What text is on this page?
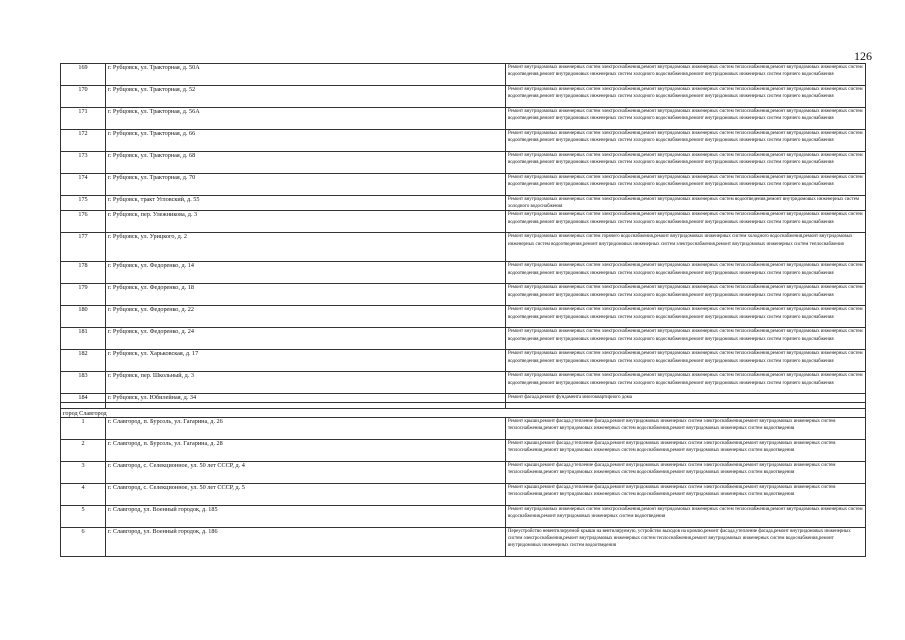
126
169	г. Рубцовск, ул. Тракторная, д. 50А	Ремонт внутридомовых инженерных систем электроснабжения,ремонт внутридомовых инженерных систем теплоснабжения,ремонт внутридомовых инженерных систем водоотведения,ремонт внутридомовых инженерных систем холодного водоснабжения,ремонт внутридомовых инженерных систем горячего водоснабжения
170	г. Рубцовск, ул. Тракторная, д. 52	Ремонт внутридомовых инженерных систем электроснабжения,ремонт внутридомовых инженерных систем теплоснабжения,ремонт внутридомовых инженерных систем водоотведения,ремонт внутридомовых инженерных систем холодного водоснабжения,ремонт внутридомовых инженерных систем горячего водоснабжения
171	г. Рубцовск, ул. Тракторная, д. 56А	Ремонт внутридомовых инженерных систем электроснабжения,ремонт внутридомовых инженерных систем теплоснабжения,ремонт внутридомовых инженерных систем водоотведения,ремонт внутридомовых инженерных систем холодного водоснабжения,ремонт внутридомовых инженерных систем горячего водоснабжения
172	г. Рубцовск, ул. Тракторная, д. 66	Ремонт внутридомовых инженерных систем электроснабжения,ремонт внутридомовых инженерных систем теплоснабжения,ремонт внутридомовых инженерных систем водоотведения,ремонт внутридомовых инженерных систем холодного водоснабжения,ремонт внутридомовых инженерных систем горячего водоснабжения
173	г. Рубцовск, ул. Тракторная, д. 68	Ремонт внутридомовых инженерных систем электроснабжения,ремонт внутридомовых инженерных систем теплоснабжения,ремонт внутридомовых инженерных систем водоотведения,ремонт внутридомовых инженерных систем холодного водоснабжения,ремонт внутридомовых инженерных систем горячего водоснабжения
174	г. Рубцовск, ул. Тракторная, д. 70	Ремонт внутридомовых инженерных систем электроснабжения,ремонт внутридомовых инженерных систем теплоснабжения,ремонт внутридомовых инженерных систем водоотведения,ремонт внутридомовых инженерных систем холодного водоснабжения,ремонт внутридомовых инженерных систем горячего водоснабжения
175	г. Рубцовск, тракт Угловский, д. 55	Ремонт внутридомовых инженерных систем электроснабжения,ремонт внутридомовых инженерных систем водоотведения,ремонт внутридомовых инженерных систем холодного водоснабжения
176	г. Рубцовск, пер. Улежникова, д. 3	Ремонт внутридомовых инженерных систем электроснабжения,ремонт внутридомовых инженерных систем теплоснабжения,ремонт внутридомовых инженерных систем водоотведения,ремонт внутридомовых инженерных систем холодного водоснабжения,ремонт внутридомовых инженерных систем горячего водоснабжения
177	г. Рубцовск, ул. Урицкого, д. 2	Ремонт внутридомовых инженерных систем горячего водоснабжения,ремонт внутридомовых инженерных систем холодного водоснабжения,ремонт внутридомовых инженерных систем водоотведения,ремонт внутридомовых инженерных систем электроснабжения,ремонт внутридомовых инженерных систем теплоснабжения
178	г. Рубцовск, ул. Федоренко, д. 14	Ремонт внутридомовых инженерных систем электроснабжения,ремонт внутридомовых инженерных систем теплоснабжения,ремонт внутридомовых инженерных систем водоотведения,ремонт внутридомовых инженерных систем холодного водоснабжения,ремонт внутридомовых инженерных систем горячего водоснабжения
179	г. Рубцовск, ул. Федоренко, д. 18	Ремонт внутридомовых инженерных систем электроснабжения,ремонт внутридомовых инженерных систем теплоснабжения,ремонт внутридомовых инженерных систем водоотведения,ремонт внутридомовых инженерных систем холодного водоснабжения,ремонт внутридомовых инженерных систем горячего водоснабжения
180	г. Рубцовск, ул. Федоренко, д. 22	Ремонт внутридомовых инженерных систем электроснабжения,ремонт внутридомовых инженерных систем теплоснабжения,ремонт внутридомовых инженерных систем водоотведения,ремонт внутридомовых инженерных систем холодного водоснабжения,ремонт внутридомовых инженерных систем горячего водоснабжения
181	г. Рубцовск, ул. Федоренко, д. 24	Ремонт внутридомовых инженерных систем электроснабжения,ремонт внутридомовых инженерных систем теплоснабжения,ремонт внутридомовых инженерных систем водоотведения,ремонт внутридомовых инженерных систем холодного водоснабжения,ремонт внутридомовых инженерных систем горячего водоснабжения
182	г. Рубцовск, ул. Харьковская, д. 17	Ремонт внутридомовых инженерных систем электроснабжения,ремонт внутридомовых инженерных систем теплоснабжения,ремонт внутридомовых инженерных систем водоотведения,ремонт внутридомовых инженерных систем холодного водоснабжения,ремонт внутридомовых инженерных систем горячего водоснабжения
183	г. Рубцовск, пер. Школьный, д. 3	Ремонт внутридомовых инженерных систем электроснабжения,ремонт внутридомовых инженерных систем теплоснабжения,ремонт внутридомовых инженерных систем водоотведения,ремонт внутридомовых инженерных систем холодного водоснабжения,ремонт внутридомовых инженерных систем горячего водоснабжения
184	г. Рубцовск, ул. Юбилейная, д. 34	Ремонт фасада,ремонт фундамента многоквартирного дома

город Славгород		
1	г. Славгород, п. Бурсоль, ул. Гагарина, д. 26	Ремонт крыши,ремонт фасада,утепление фасада,ремонт внутридомовых инженерных систем электроснабжения,ремонт внутридомовых инженерных систем теплоснабжения,ремонт внутридомовых инженерных систем водоснабжения,ремонт внутридомовых инженерных систем водоотведения
2	г. Славгород, п. Бурсоль, ул. Гагарина, д. 28	Ремонт крыши,ремонт фасада,утепление фасада,ремонт внутридомовых инженерных систем электроснабжения,ремонт внутридомовых инженерных систем теплоснабжения,ремонт внутридомовых инженерных систем водоснабжения,ремонт внутридомовых инженерных систем водоотведения
3	г. Славгород, с. Селекционное, ул. 50 лет СССР, д. 4	Ремонт крыши,ремонт фасада,утепление фасада,ремонт внутридомовых инженерных систем электроснабжения,ремонт внутридомовых инженерных систем теплоснабжения,ремонт внутридомовых инженерных систем водоснабжения,ремонт внутридомовых инженерных систем водоотведения
4	г. Славгород, с. Селекционное, ул. 50 лет СССР, д. 5	Ремонт крыши,ремонт фасада,утепление фасада,ремонт внутридомовых инженерных систем электроснабжения,ремонт внутридомовых инженерных систем теплоснабжения,ремонт внутридомовых инженерных систем водоснабжения,ремонт внутридомовых инженерных систем водоотведения
5	г. Славгород, ул. Военный городок, д. 185	Ремонт внутридомовых инженерных систем электроснабжения,ремонт внутридомовых инженерных систем теплоснабжения,ремонт внутридомовых инженерных систем водоснабжения,ремонт внутридомовых инженерных систем водоотведения
6	г. Славгород, ул. Военный городок, д. 186	Переустройство невентилируемой крыши на вентилируемую, устройство выходов на кровлю,ремонт фасада,утепление фасада,ремонт внутридомовых инженерных систем электроснабжения,ремонт внутридомовых инженерных систем теплоснабжения,ремонт внутридомовых инженерных систем водоснабжения,ремонт внутридомовых инженерных систем водоотведения
